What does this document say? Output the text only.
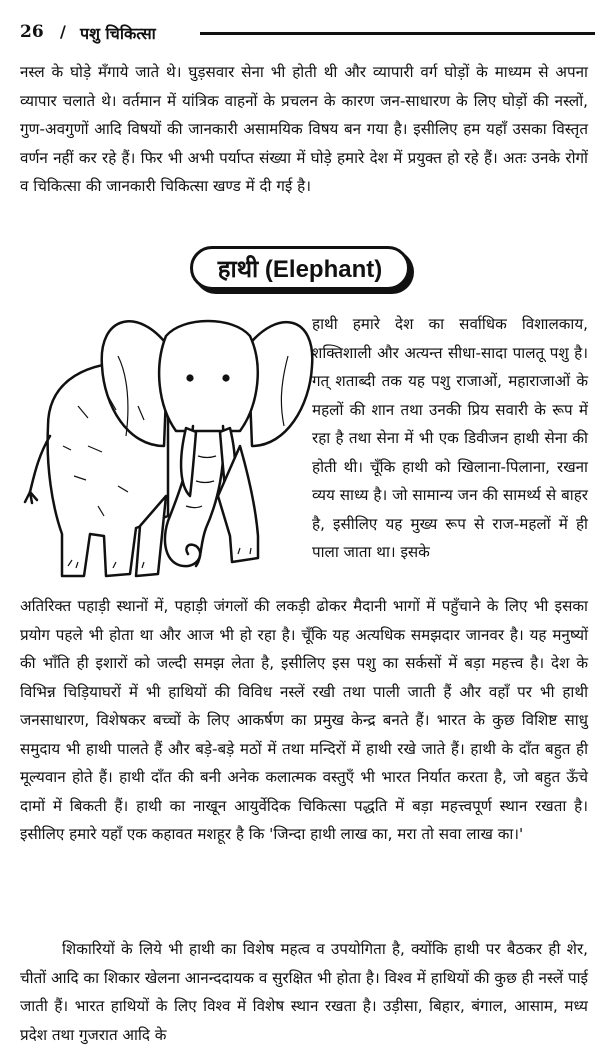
26 / पशु चिकित्सा

नस्ल के घोड़े मँगाये जाते थे। घुड़सवार सेना भी होती थी और व्यापारी वर्ग घोड़ों के माध्यम से अपना व्यापार चलाते थे। वर्तमान में यांत्रिक वाहनों के प्रचलन के कारण जन-साधारण के लिए घोड़ों की नस्लों, गुण-अवगुणों आदि विषयों की जानकारी असामयिक विषय बन गया है। इसीलिए हम यहाँ उसका विस्तृत वर्णन नहीं कर रहे हैं। फिर भी अभी पर्याप्त संख्या में घोड़े हमारे देश में प्रयुक्त हो रहे हैं। अतः उनके रोगों व चिकित्सा की जानकारी चिकित्सा खण्ड में दी गई है।

हाथी (Elephant)

हाथी हमारे देश का सर्वाधिक विशालकाय, शक्तिशाली और अत्यन्त सीधा-सादा पालतू पशु है। गत् शताब्दी तक यह पशु राजाओं, महाराजाओं के महलों की शान तथा उनकी प्रिय सवारी के रूप में रहा है तथा सेना में भी एक डिवीजन हाथी सेना की होती थी। चूँकि हाथी को खिलाना-पिलाना, रखना व्यय साध्य है। जो सामान्य जन की सामर्थ्य से बाहर है, इसीलिए यह मुख्य रूप से राज-महलों में ही पाला जाता था। इसके

अतिरिक्त पहाड़ी स्थानों में, पहाड़ी जंगलों की लकड़ी ढोकर मैदानी भागों में पहुँचाने के लिए भी इसका प्रयोग पहले भी होता था और आज भी हो रहा है। चूँकि यह अत्यधिक समझदार जानवर है। यह मनुष्यों की भाँति ही इशारों को जल्दी समझ लेता है, इसीलिए इस पशु का सर्कसों में बड़ा महत्त्व है। देश के विभिन्न चिड़ियाघरों में भी हाथियों की विविध नस्लें रखी तथा पाली जाती हैं और वहाँ पर भी हाथी जनसाधारण, विशेषकर बच्चों के लिए आकर्षण का प्रमुख केन्द्र बनते हैं। भारत के कुछ विशिष्ट साधु समुदाय भी हाथी पालते हैं और बड़े-बड़े मठों में तथा मन्दिरों में हाथी रखे जाते हैं। हाथी के दाँत बहुत ही मूल्यवान होते हैं। हाथी दाँत की बनी अनेक कलात्मक वस्तुएँ भी भारत निर्यात करता है, जो बहुत ऊँचे दामों में बिकती हैं। हाथी का नाखून आयुर्वेदिक चिकित्सा पद्धति में बड़ा महत्त्वपूर्ण स्थान रखता है। इसीलिए हमारे यहाँ एक कहावत मशहूर है कि 'जिन्दा हाथी लाख का, मरा तो सवा लाख का।'

शिकारियों के लिये भी हाथी का विशेष महत्व व उपयोगिता है, क्योंकि हाथी पर बैठकर ही शेर, चीतों आदि का शिकार खेलना आनन्ददायक व सुरक्षित भी होता है। विश्व में हाथियों की कुछ ही नस्लें पाई जाती हैं। भारत हाथियों के लिए विश्व में विशेष स्थान रखता है। उड़ीसा, बिहार, बंगाल, आसाम, मध्य प्रदेश तथा गुजरात आदि के
